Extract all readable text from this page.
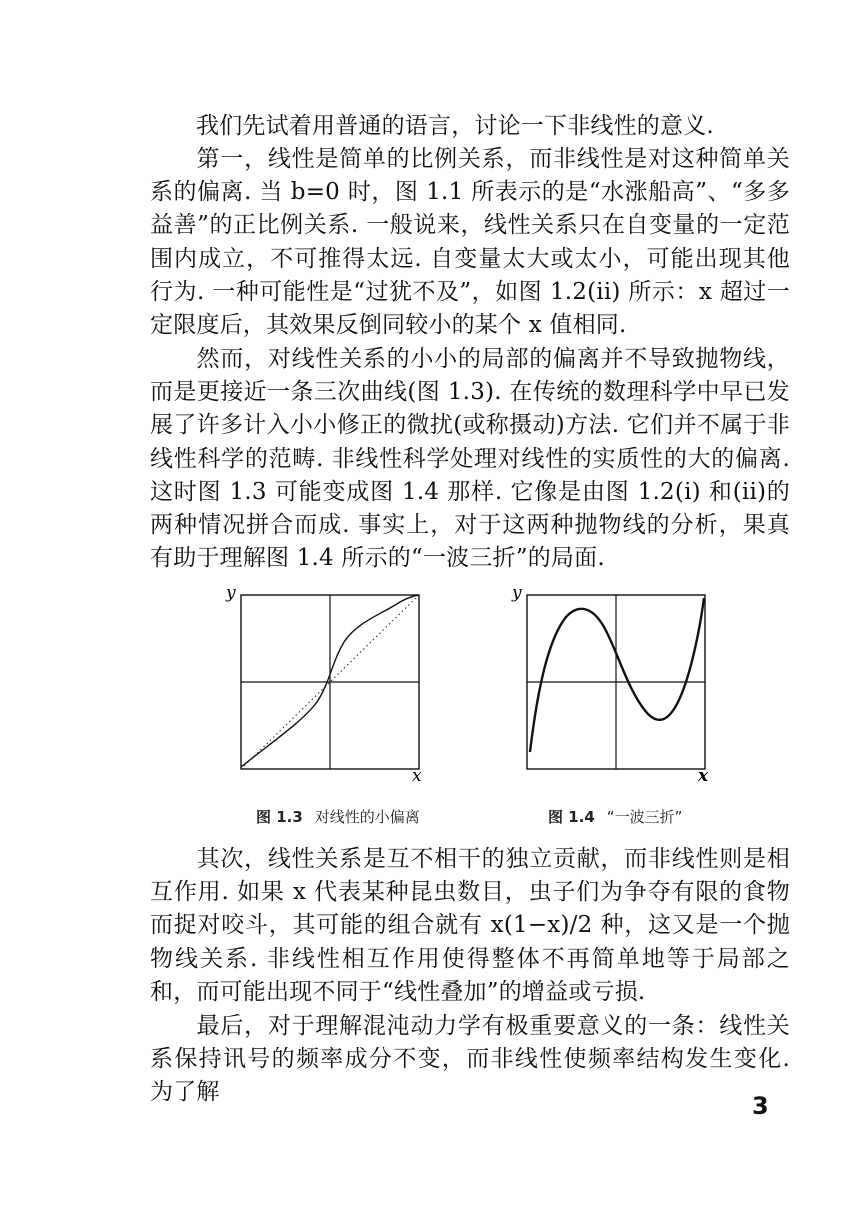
我们先试着用普通的语言，讨论一下非线性的意义.

第一，线性是简单的比例关系，而非线性是对这种简单关系的偏离. 当 b=0 时，图 1.1 所表示的是“水涨船高”、“多多益善”的正比例关系. 一般说来，线性关系只在自变量的一定范围内成立，不可推得太远. 自变量太大或太小，可能出现其他行为. 一种可能性是“过犹不及”，如图 1.2(ii) 所示：x 超过一定限度后，其效果反倒同较小的某个 x 值相同.

然而，对线性关系的小小的局部的偏离并不导致抛物线，而是更接近一条三次曲线(图 1.3). 在传统的数理科学中早已发展了许多计入小小修正的微扰(或称摄动)方法. 它们并不属于非线性科学的范畴. 非线性科学处理对线性的实质性的大的偏离. 这时图 1.3 可能变成图 1.4 那样. 它像是由图 1.2(i) 和(ii)的两种情况拼合而成. 事实上，对于这两种抛物线的分析，果真有助于理解图 1.4 所示的“一波三折”的局面.

y
x
图 1.3 对线性的小偏离
y
x
图 1.4 “一波三折”

其次，线性关系是互不相干的独立贡献，而非线性则是相互作用. 如果 x 代表某种昆虫数目，虫子们为争夺有限的食物而捉对咬斗，其可能的组合就有 x(1−x)/2 种，这又是一个抛物线关系. 非线性相互作用使得整体不再简单地等于局部之和，而可能出现不同于“线性叠加”的增益或亏损.

最后，对于理解混沌动力学有极重要意义的一条：线性关系保持讯号的频率成分不变，而非线性使频率结构发生变化. 为了解	3
